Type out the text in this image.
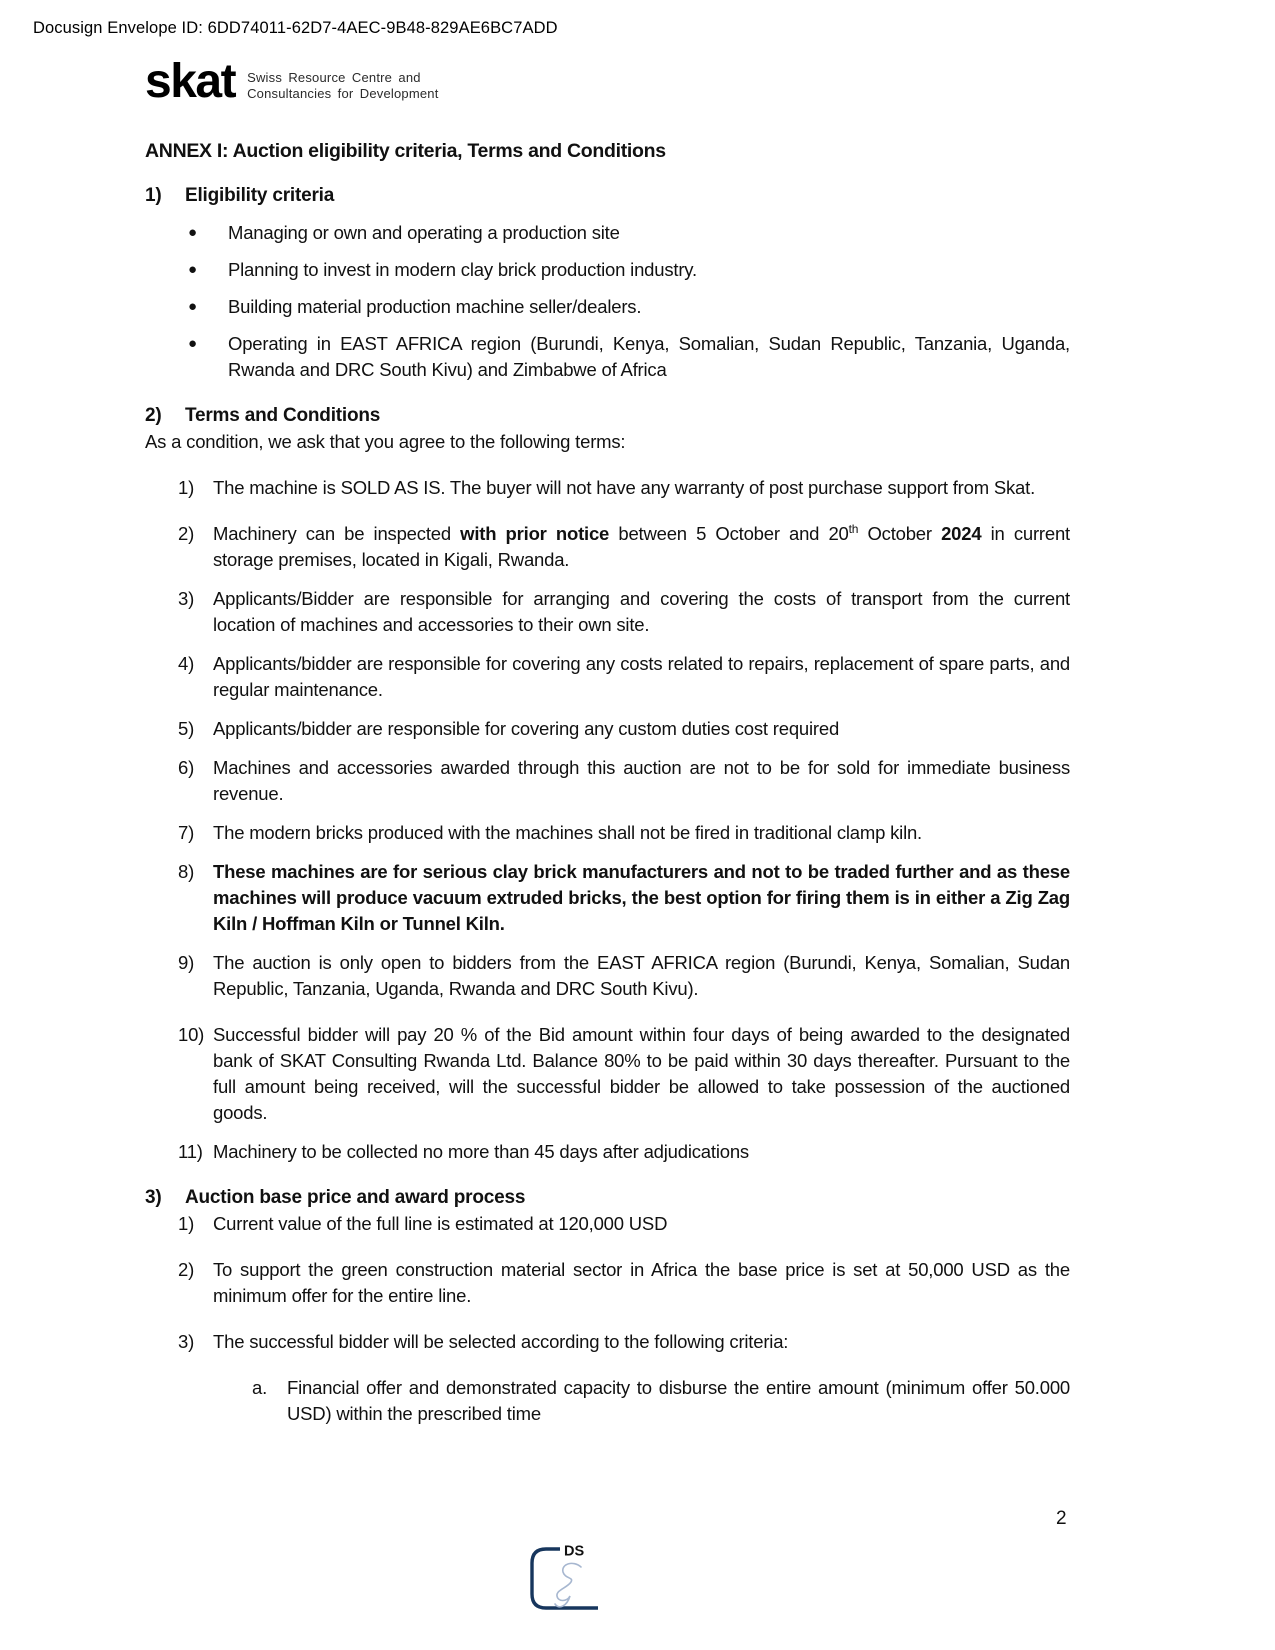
Docusign Envelope ID: 6DD74011-62D7-4AEC-9B48-829AE6BC7ADD
skat Swiss Resource Centre and
Consultancies for Development
ANNEX I: Auction eligibility criteria, Terms and Conditions
1)	Eligibility criteria
●	Managing or own and operating a production site

●	Planning to invest in modern clay brick production industry.

●	Building material production machine seller/dealers.

●	Operating in EAST AFRICA region (Burundi, Kenya, Somalian, Sudan Republic, Tanzania, Uganda, Rwanda and DRC South Kivu) and Zimbabwe of Africa

2)	Terms and Conditions

As a condition, we ask that you agree to the following terms:

1)	The machine is SOLD AS IS. The buyer will not have any warranty of post purchase support from Skat.

2)	Machinery can be inspected with prior notice between 5 October and 20th October 2024 in current storage premises, located in Kigali, Rwanda.

3)	Applicants/Bidder are responsible for arranging and covering the costs of transport from the current location of machines and accessories to their own site.

4)	Applicants/bidder are responsible for covering any costs related to repairs, replacement of spare parts, and regular maintenance.

5)	Applicants/bidder are responsible for covering any custom duties cost required

6)	Machines and accessories awarded through this auction are not to be for sold for immediate business revenue.

7)	The modern bricks produced with the machines shall not be fired in traditional clamp kiln.

8)	These machines are for serious clay brick manufacturers and not to be traded further and as these machines will produce vacuum extruded bricks, the best option for firing them is in either a Zig Zag Kiln / Hoffman Kiln or Tunnel Kiln.

9)	The auction is only open to bidders from the EAST AFRICA region (Burundi, Kenya, Somalian, Sudan Republic, Tanzania, Uganda, Rwanda and DRC South Kivu).

10) Successful bidder will pay 20 % of the Bid amount within four days of being awarded to the designated bank of SKAT Consulting Rwanda Ltd. Balance 80% to be paid within 30 days thereafter. Pursuant to the full amount being received, will the successful bidder be allowed to take possession of the auctioned goods.

11) Machinery to be collected no more than 45 days after adjudications

3)	Auction base price and award process
1)	Current value of the full line is estimated at 120,000 USD

2)	To support the green construction material sector in Africa the base price is set at 50,000 USD as the minimum offer for the entire line.

3)	The successful bidder will be selected according to the following criteria:

a.	Financial offer and demonstrated capacity to disburse the entire amount (minimum offer 50.000 USD) within the prescribed time

2
DS
